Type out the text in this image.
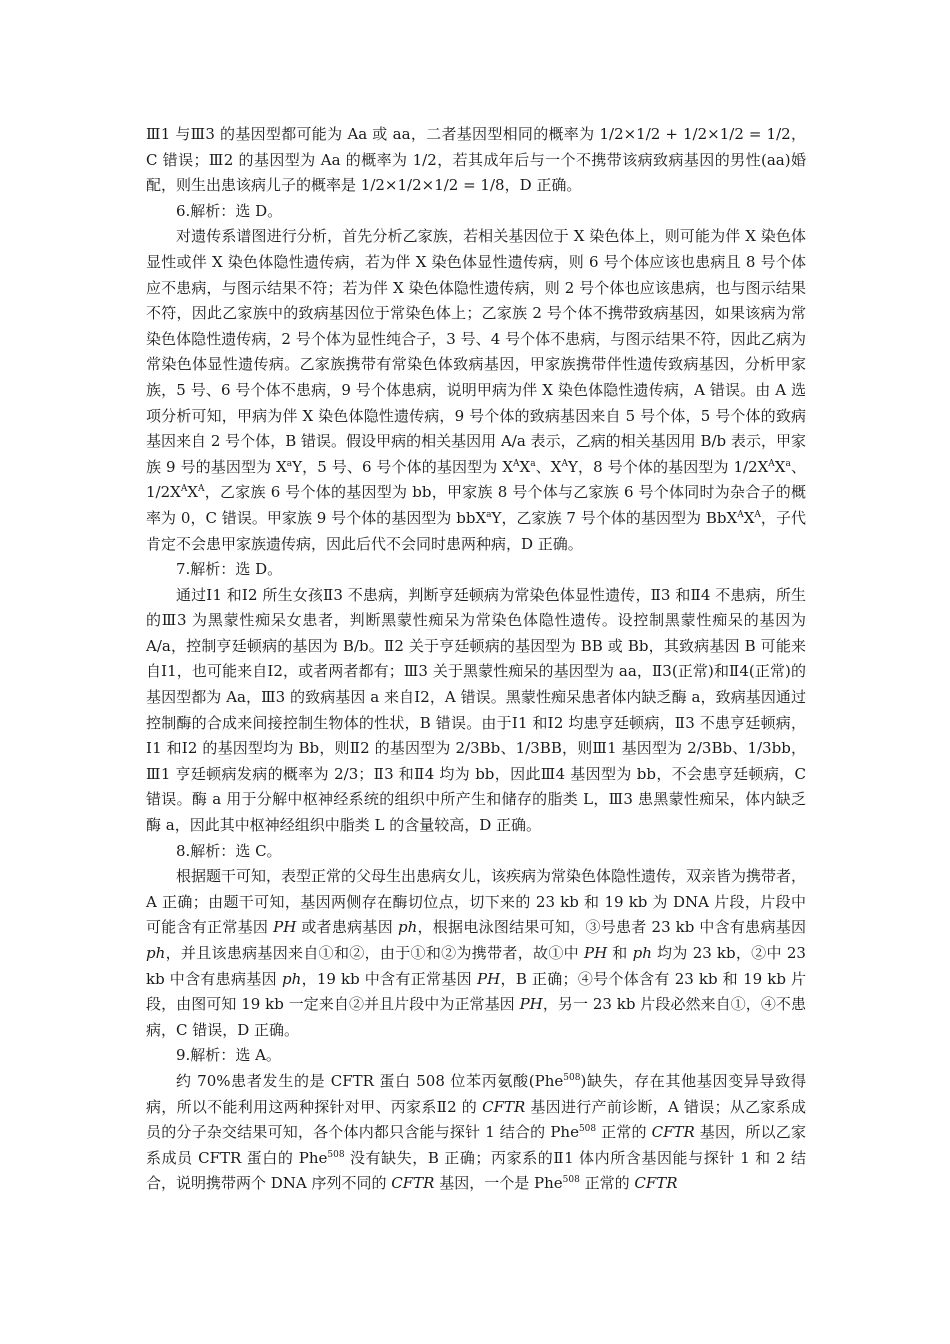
Ⅲ1 与Ⅲ3 的基因型都可能为 Aa 或 aa，二者基因型相同的概率为 1/2×1/2 + 1/2×1/2 = 1/2，C 错误；Ⅲ2 的基因型为 Aa 的概率为 1/2，若其成年后与一个不携带该病致病基因的男性(aa)婚配，则生出患该病儿子的概率是 1/2×1/2×1/2 = 1/8，D 正确。

6.解析：选 D。

对遗传系谱图进行分析，首先分析乙家族，若相关基因位于 X 染色体上，则可能为伴 X 染色体显性或伴 X 染色体隐性遗传病，若为伴 X 染色体显性遗传病，则 6 号个体应该也患病且 8 号个体应不患病，与图示结果不符；若为伴 X 染色体隐性遗传病，则 2 号个体也应该患病，也与图示结果不符，因此乙家族中的致病基因位于常染色体上；乙家族 2 号个体不携带致病基因，如果该病为常染色体隐性遗传病，2 号个体为显性纯合子，3 号、4 号个体不患病，与图示结果不符，因此乙病为常染色体显性遗传病。乙家族携带有常染色体致病基因，甲家族携带伴性遗传致病基因，分析甲家族，5 号、6 号个体不患病，9 号个体患病，说明甲病为伴 X 染色体隐性遗传病，A 错误。由 A 选项分析可知，甲病为伴 X 染色体隐性遗传病，9 号个体的致病基因来自 5 号个体，5 号个体的致病基因来自 2 号个体，B 错误。假设甲病的相关基因用 A/a 表示，乙病的相关基因用 B/b 表示，甲家族 9 号的基因型为 $X^aY$，5 号、6 号个体的基因型为 $X^AX^a$、$X^AY$，8 号个体的基因型为 $1/2X^AX^a$、$1/2X^AX^A$，乙家族 6 号个体的基因型为 bb，甲家族 8 号个体与乙家族 6 号个体同时为杂合子的概率为 0，C 错误。甲家族 9 号个体的基因型为 bbX$^a$Y，乙家族 7 号个体的基因型为 $BbX^AX^A$，子代肯定不会患甲家族遗传病，因此后代不会同时患两种病，D 正确。

7.解析：选 D。

通过Ⅰ1 和Ⅰ2 所生女孩Ⅱ3 不患病，判断亨廷顿病为常染色体显性遗传，Ⅱ3 和Ⅱ4 不患病，所生的Ⅲ3 为黑蒙性痴呆女患者，判断黑蒙性痴呆为常染色体隐性遗传。设控制黑蒙性痴呆的基因为 A/a，控制亨廷顿病的基因为 B/b。Ⅱ2 关于亨廷顿病的基因型为 BB 或 Bb，其致病基因 B 可能来自Ⅰ1，也可能来自Ⅰ2，或者两者都有；Ⅲ3 关于黑蒙性痴呆的基因型为 aa，Ⅱ3(正常)和Ⅱ4(正常)的基因型都为 Aa，Ⅲ3 的致病基因 a 来自Ⅰ2，A 错误。黑蒙性痴呆患者体内缺乏酶 a，致病基因通过控制酶的合成来间接控制生物体的性状，B 错误。由于Ⅰ1 和Ⅰ2 均患亨廷顿病，Ⅱ3 不患亨廷顿病，Ⅰ1 和Ⅰ2 的基因型均为 Bb，则Ⅱ2 的基因型为 2/3Bb、1/3BB，则Ⅲ1 基因型为 2/3Bb、1/3bb，Ⅲ1 亨廷顿病发病的概率为 2/3；Ⅱ3 和Ⅱ4 均为 bb，因此Ⅲ4 基因型为 bb，不会患亨廷顿病，C 错误。酶 a 用于分解中枢神经系统的组织中所产生和储存的脂类 L，Ⅲ3 患黑蒙性痴呆，体内缺乏酶 a，因此其中枢神经组织中脂类 L 的含量较高，D 正确。

8.解析：选 C。

根据题干可知，表型正常的父母生出患病女儿，该疾病为常染色体隐性遗传，双亲皆为携带者，A 正确；由题干可知，基因两侧存在酶切位点，切下来的 23 kb 和 19 kb 为 DNA 片段，片段中可能含有正常基因 PH 或者患病基因 ph，根据电泳图结果可知，③号患者 23 kb 中含有患病基因 ph，并且该患病基因来自①和②，由于①和②为携带者，故①中 PH 和 ph 均为 23 kb，②中 23 kb 中含有患病基因 ph，19 kb 中含有正常基因 PH，B 正确；④号个体含有 23 kb 和 19 kb 片段，由图可知 19 kb 一定来自②并且片段中为正常基因 PH，另一 23 kb 片段必然来自①，④不患病，C 错误，D 正确。

9.解析：选 A。

约 70%患者发生的是 CFTR 蛋白 508 位苯丙氨酸(Phe$^{508}$)缺失，存在其他基因变异导致得病，所以不能利用这两种探针对甲、丙家系Ⅱ2 的 CFTR 基因进行产前诊断，A 错误；从乙家系成员的分子杂交结果可知，各个体内都只含能与探针 1 结合的 Phe$^{508}$ 正常的 CFTR 基因，所以乙家系成员 CFTR 蛋白的 Phe$^{508}$ 没有缺失，B 正确；丙家系的Ⅱ1 体内所含基因能与探针 1 和 2 结合，说明携带两个 DNA 序列不同的 CFTR 基因，一个是 Phe$^{508}$ 正常的 CFTR
